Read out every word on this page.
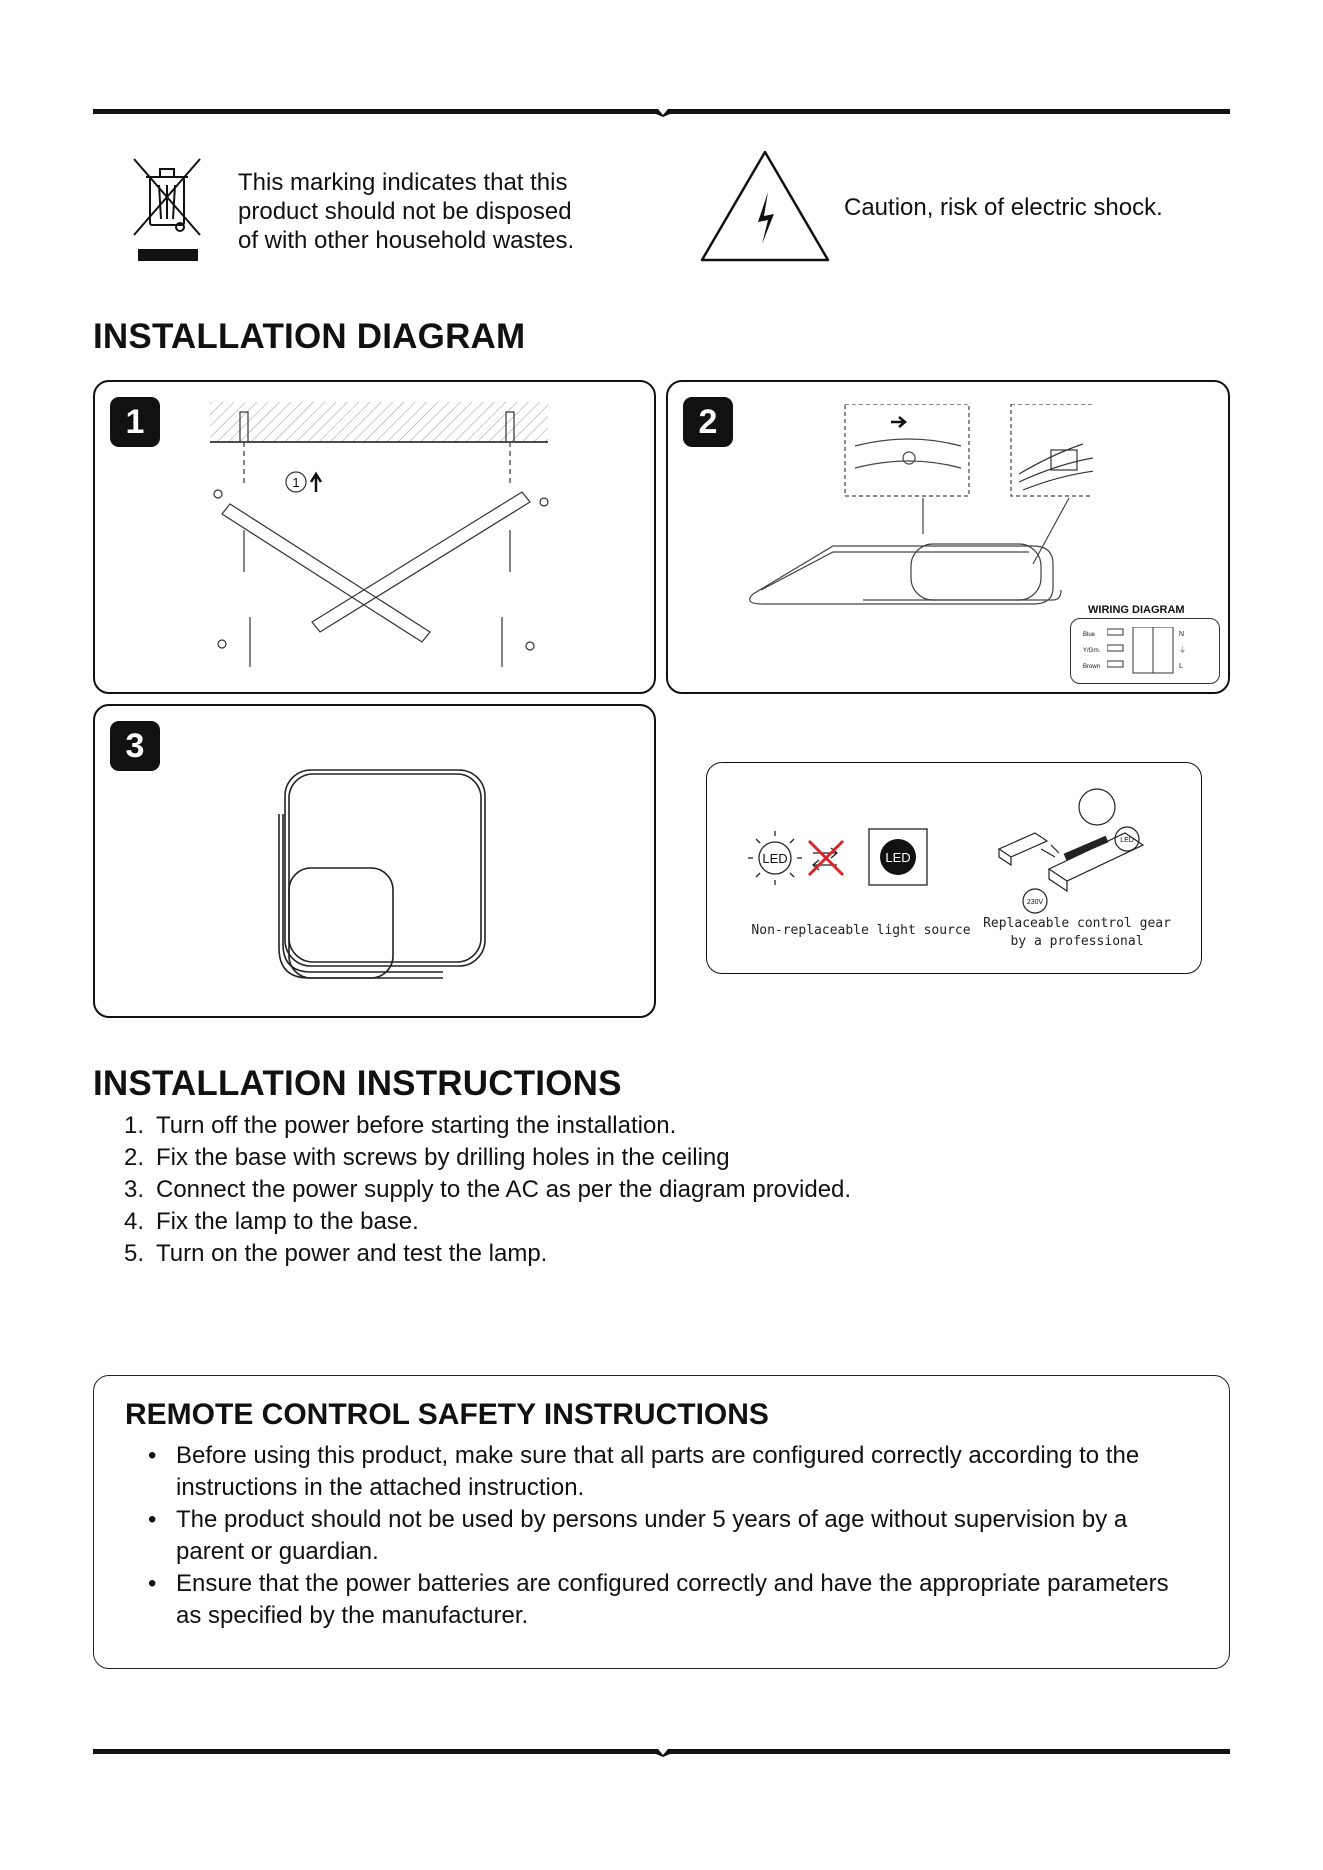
This marking indicates that this
product should not be disposed
of with other household wastes.
Caution, risk of electric shock.
INSTALLATION DIAGRAM
1
1
2
WIRING DIAGRAM
Blue
Y/Grn.
Brown
N
⏚
L
3
LED	LED
Non-replaceable light source
LED
230V
Replaceable control gear
by a professional
INSTALLATION INSTRUCTIONS
1. Turn off the power before starting the installation.
2. Fix the base with screws by drilling holes in the ceiling
3. Connect the power supply to the AC as per the diagram provided.
4. Fix the lamp to the base.
5. Turn on the power and test the lamp.
REMOTE CONTROL SAFETY INSTRUCTIONS
• Before using this product, make sure that all parts are configured correctly according to the instructions in the attached instruction.
• The product should not be used by persons under 5 years of age without supervision by a parent or guardian.
• Ensure that the power batteries are configured correctly and have the appropriate parameters as specified by the manufacturer.
